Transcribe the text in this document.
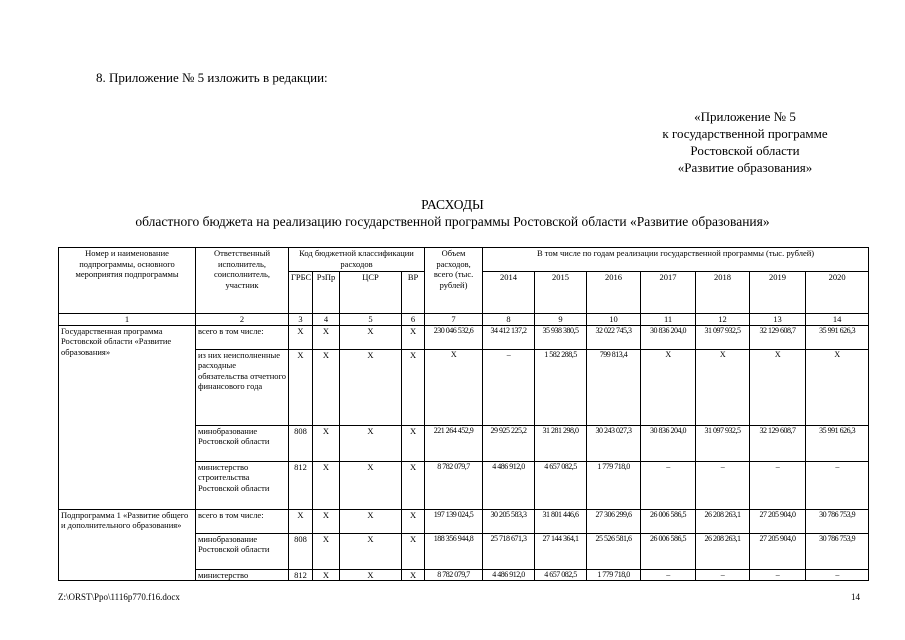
8. Приложение № 5 изложить в редакции:
«Приложение № 5
к государственной программе
Ростовской области
«Развитие образования»
РАСХОДЫ
областного бюджета на реализацию государственной программы Ростовской области «Развитие образования»
Номер и наименование подпрограммы, основного мероприятия подпрограммы	Ответственный исполнитель, соисполнитель, участник	Код бюджетной классификации расходов				Объем расходов, всего (тыс. рублей)	В том числе по годам реализации государственной программы (тыс. рублей)						
		ГРБС	РзПр	ЦСР	ВР		2014	2015	2016	2017	2018	2019	2020
1	2	3	4	5	6	7	8	9	10	11	12	13	14
Государственная программа Ростовской области «Развитие образования»	всего в том числе:	Х	Х	Х	Х	230 046 532,6	34 412 137,2	35 938 380,5	32 022 745,3	30 836 204,0	31 097 932,5	32 129 608,7	35 991 626,3
	из них неисполненные расходные обязательства отчетного финансового года	Х	Х	Х	Х	Х	–	1 582 288,5	799 813,4	Х	Х	Х	Х
	минобразование Ростовской области	808	Х	Х	Х	221 264 452,9	29 925 225,2	31 281 298,0	30 243 027,3	30 836 204,0	31 097 932,5	32 129 608,7	35 991 626,3
	министерство строительства Ростовской области	812	Х	Х	Х	8 782 079,7	4 486 912,0	4 657 082,5	1 779 718,0	–	–	–	–
Подпрограмма 1 «Развитие общего и дополнительного образования»	всего в том числе:	Х	Х	Х	Х	197 139 024,5	30 205 583,3	31 801 446,6	27 306 299,6	26 006 586,5	26 208 263,1	27 205 904,0	30 786 753,9
	минобразование Ростовской области	808	Х	Х	Х	188 356 944,8	25 718 671,3	27 144 364,1	25 526 581,6	26 006 586,5	26 208 263,1	27 205 904,0	30 786 753,9
	министерство	812	Х	Х	Х	8 782 079,7	4 486 912,0	4 657 082,5	1 779 718,0	–	–	–	–
Z:\ORST\Ppo\1116p770.f16.docx	14
